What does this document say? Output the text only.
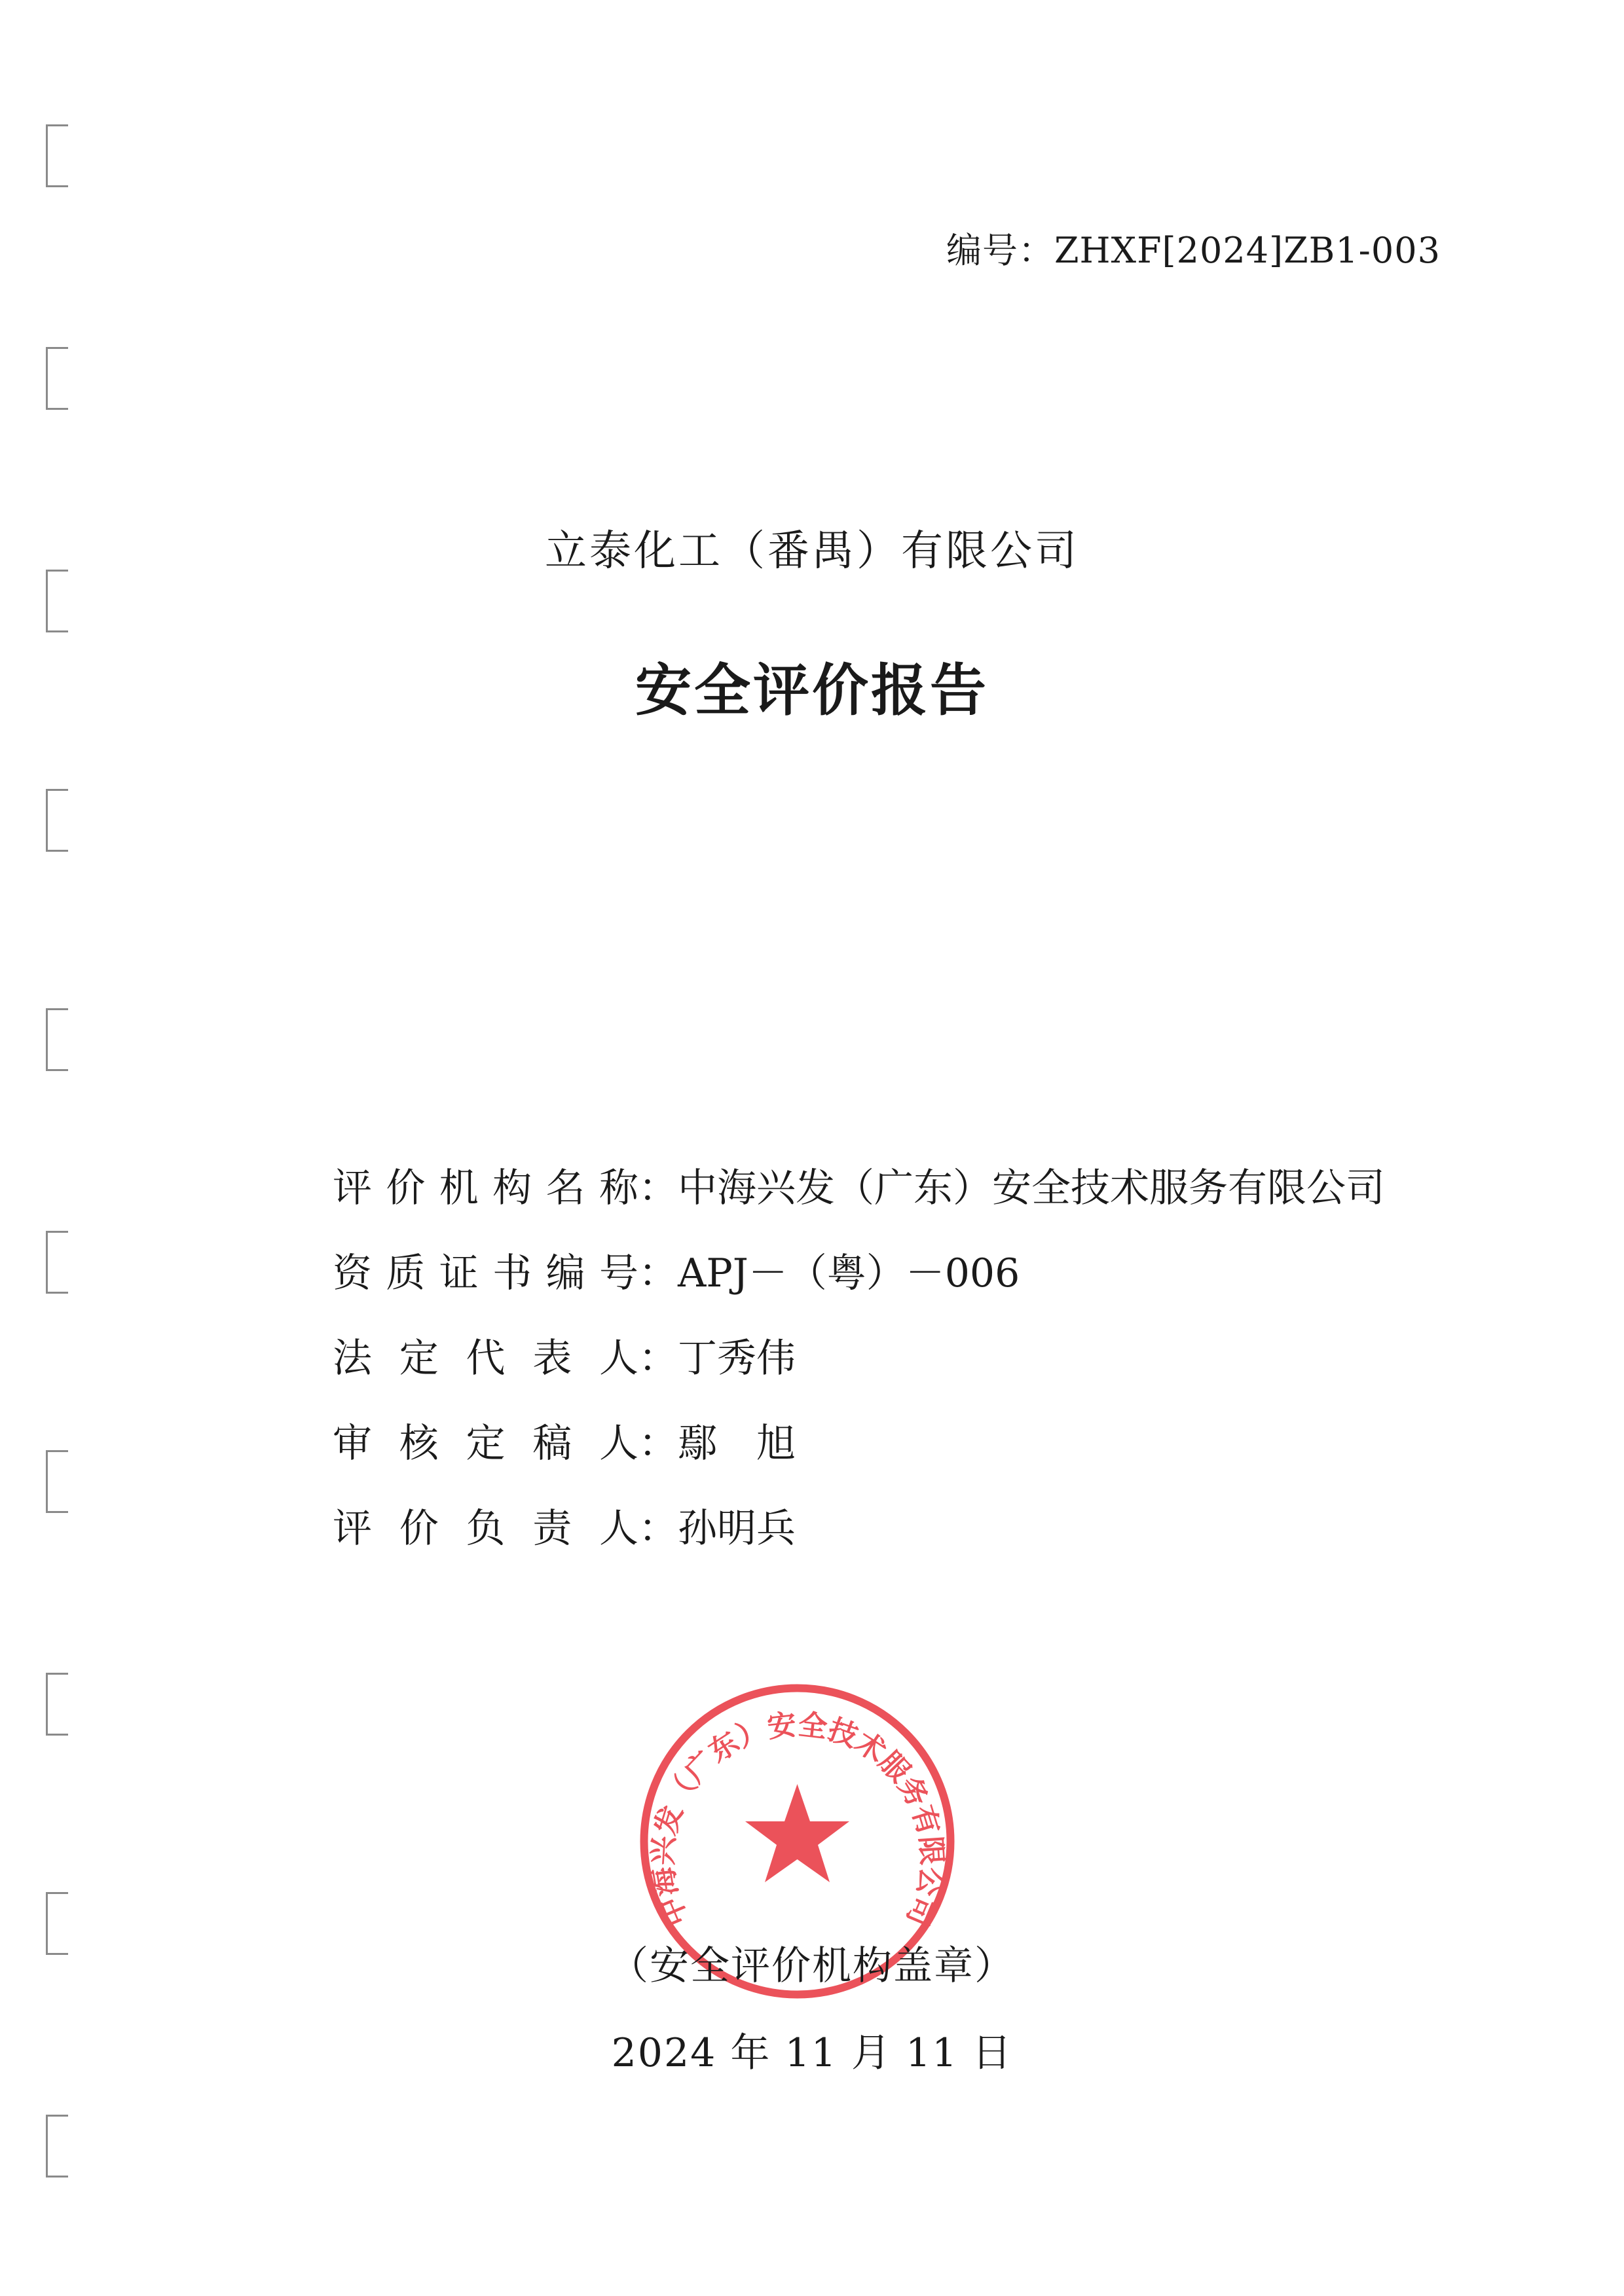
编号：ZHXF[2024]ZB1-003
立泰化工（番禺）有限公司
安全评价报告
评 价 机 构 名 称 ： 中海兴发（广东）安全技术服务有限公司
资 质 证 书 编 号 ： APJ－（粤）－006
法 定 代 表 人 ： 丁秀伟
审 核 定 稿 人 ： 鄢　旭
评 价 负 责 人 ： 孙明兵
中海兴发（广东）安全技术服务有限公司
（安全评价机构盖章）
2024 年 11 月 11 日
